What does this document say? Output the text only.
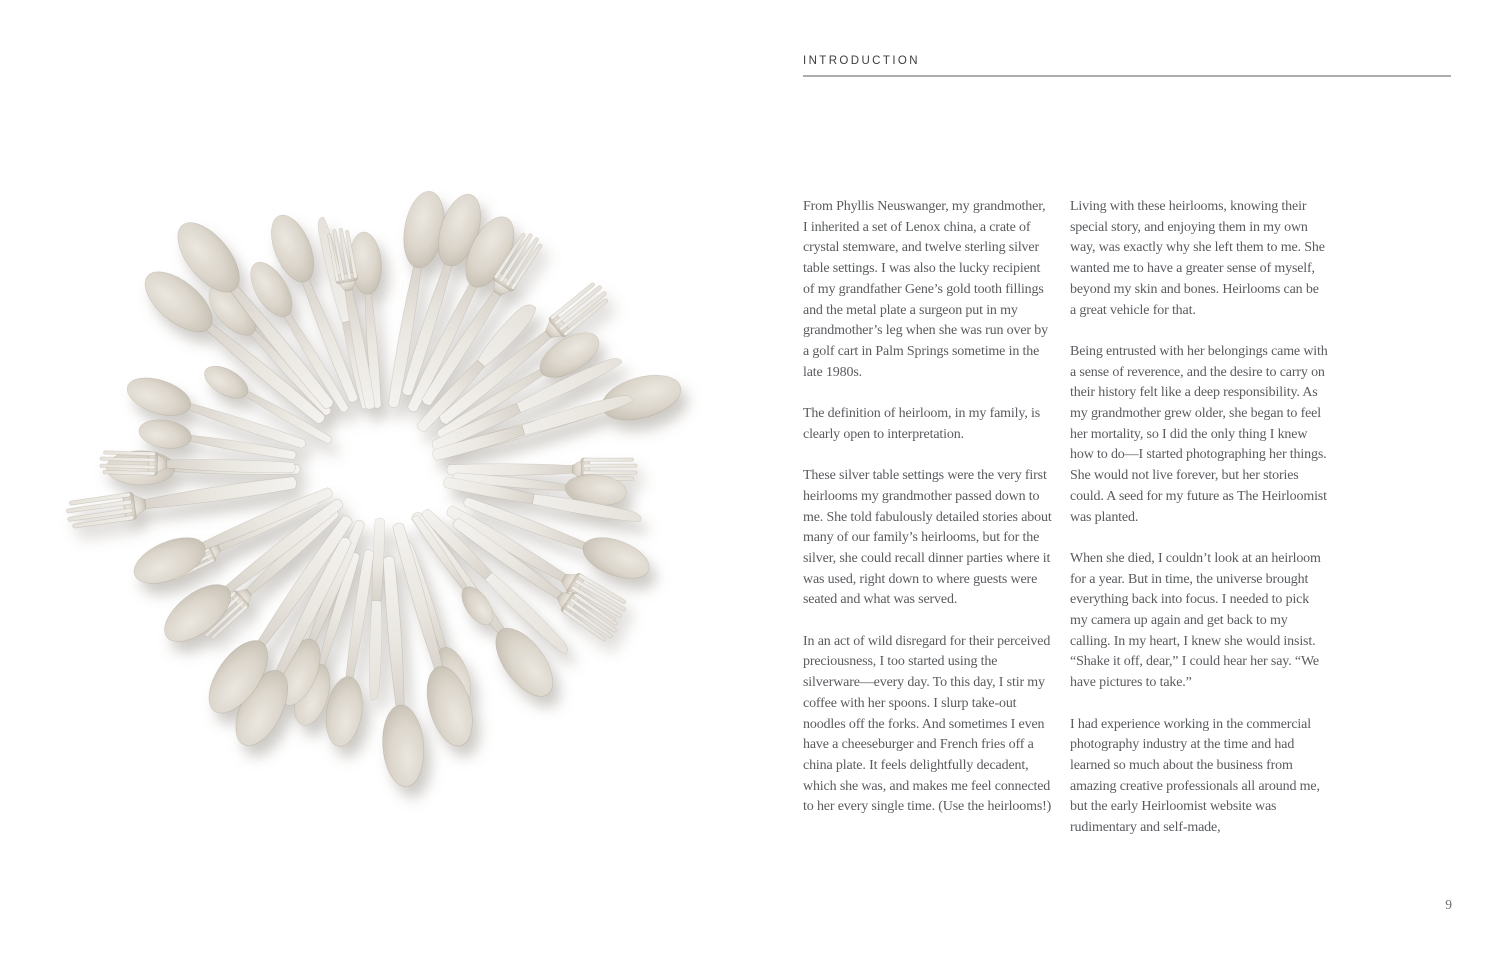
INTRODUCTION

From Phyllis Neuswanger, my grandmother, I inherited a set of Lenox china, a crate of crystal stemware, and twelve sterling silver table settings. I was also the lucky recipient of my grandfather Gene’s gold tooth fillings and the metal plate a surgeon put in my grandmother’s leg when she was run over by a golf cart in Palm Springs sometime in the late 1980s.

The definition of heirloom, in my family, is clearly open to interpretation.

These silver table settings were the very first heirlooms my grandmother passed down to me. She told fabulously detailed stories about many of our family’s heirlooms, but for the silver, she could recall dinner parties where it was used, right down to where guests were seated and what was served.

In an act of wild disregard for their perceived preciousness, I too started using the silverware—every day. To this day, I stir my coffee with her spoons. I slurp take-out noodles off the forks. And sometimes I even have a cheeseburger and French fries off a china plate. It feels delightfully decadent, which she was, and makes me feel connected to her every single time. (Use the heirlooms!)

Living with these heirlooms, knowing their special story, and enjoying them in my own way, was exactly why she left them to me. She wanted me to have a greater sense of myself, beyond my skin and bones. Heirlooms can be a great vehicle for that.

Being entrusted with her belongings came with a sense of reverence, and the desire to carry on their history felt like a deep responsibility. As my grandmother grew older, she began to feel her mortality, so I did the only thing I knew how to do—I started photographing her things. She would not live forever, but her stories could. A seed for my future as The Heirloomist was planted.

When she died, I couldn’t look at an heirloom for a year. But in time, the universe brought everything back into focus. I needed to pick my camera up again and get back to my calling. In my heart, I knew she would insist. “Shake it off, dear,” I could hear her say. “We have pictures to take.”

I had experience working in the commercial photography industry at the time and had learned so much about the business from amazing creative professionals all around me, but the early Heirloomist website was rudimentary and self-made,

9
